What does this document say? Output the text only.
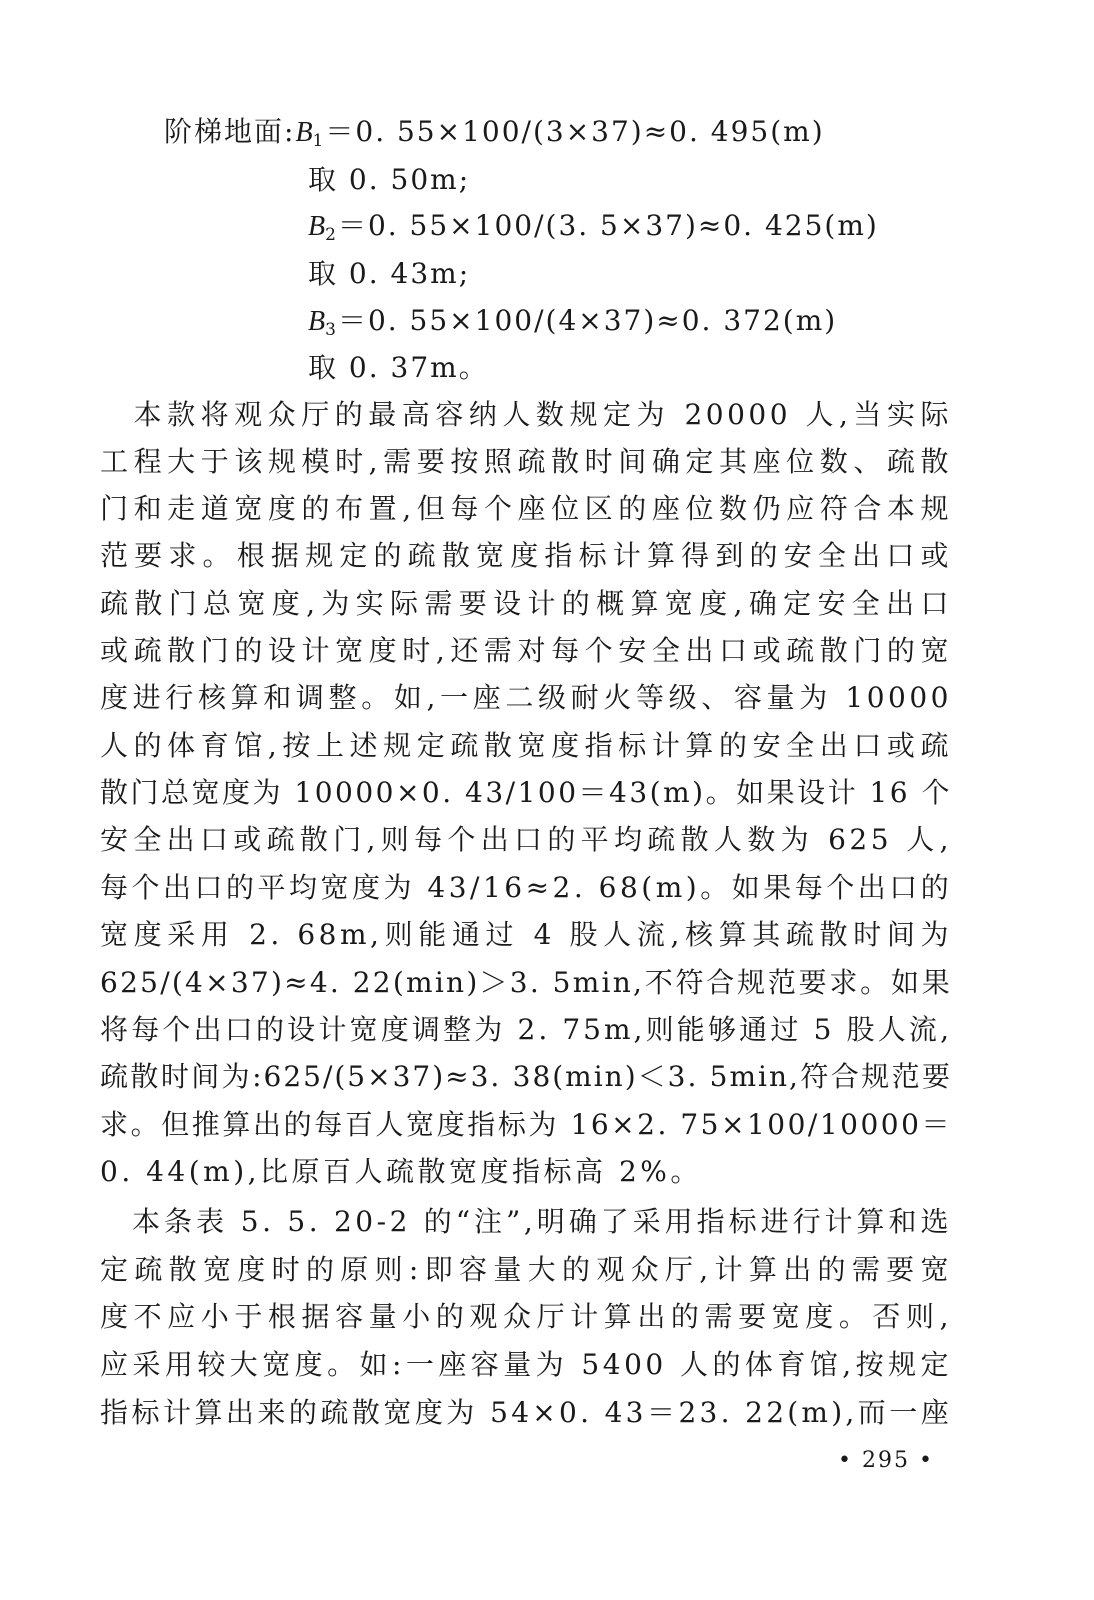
阶梯地面$:B_1=0$. 55×100/(3×37)≈0. 495(m)
取 0. 50m;
$B_2=0$. 55×100/(3. 5×37)≈0. 425(m)
取 0. 43m;
$B_3=0$. 55×100/(4×37)≈0. 372(m)
取 0. 37m。
　本款将观众厅的最高容纳人数规定为 20000 人,当实际
工程大于该规模时,需要按照疏散时间确定其座位数、疏散
门和走道宽度的布置,但每个座位区的座位数仍应符合本规
范要求。根据规定的疏散宽度指标计算得到的安全出口或
疏散门总宽度,为实际需要设计的概算宽度,确定安全出口
或疏散门的设计宽度时,还需对每个安全出口或疏散门的宽
度进行核算和调整。如,一座二级耐火等级、容量为 10000
人的体育馆,按上述规定疏散宽度指标计算的安全出口或疏
散门总宽度为 10000×0. 43/100＝43(m)。如果设计 16 个
安全出口或疏散门,则每个出口的平均疏散人数为 625 人,
每个出口的平均宽度为 43/16≈2. 68(m)。如果每个出口的
宽度采用 2. 68m,则能通过 4 股人流,核算其疏散时间为
625/(4×37)≈4. 22(min)＞3. 5min,不符合规范要求。如果
将每个出口的设计宽度调整为 2. 75m,则能够通过 5 股人流,
疏散时间为:625/(5×37)≈3. 38(min)＜3. 5min,符合规范要
求。但推算出的每百人宽度指标为 16×2. 75×100/10000＝
0. 44(m),比原百人疏散宽度指标高 2%。
　本条表 5. 5. 20-2 的“注”,明确了采用指标进行计算和选
定疏散宽度时的原则:即容量大的观众厅,计算出的需要宽
度不应小于根据容量小的观众厅计算出的需要宽度。否则,
应采用较大宽度。如:一座容量为 5400 人的体育馆,按规定
指标计算出来的疏散宽度为 54×0. 43＝23. 22(m),而一座
• 295 •
